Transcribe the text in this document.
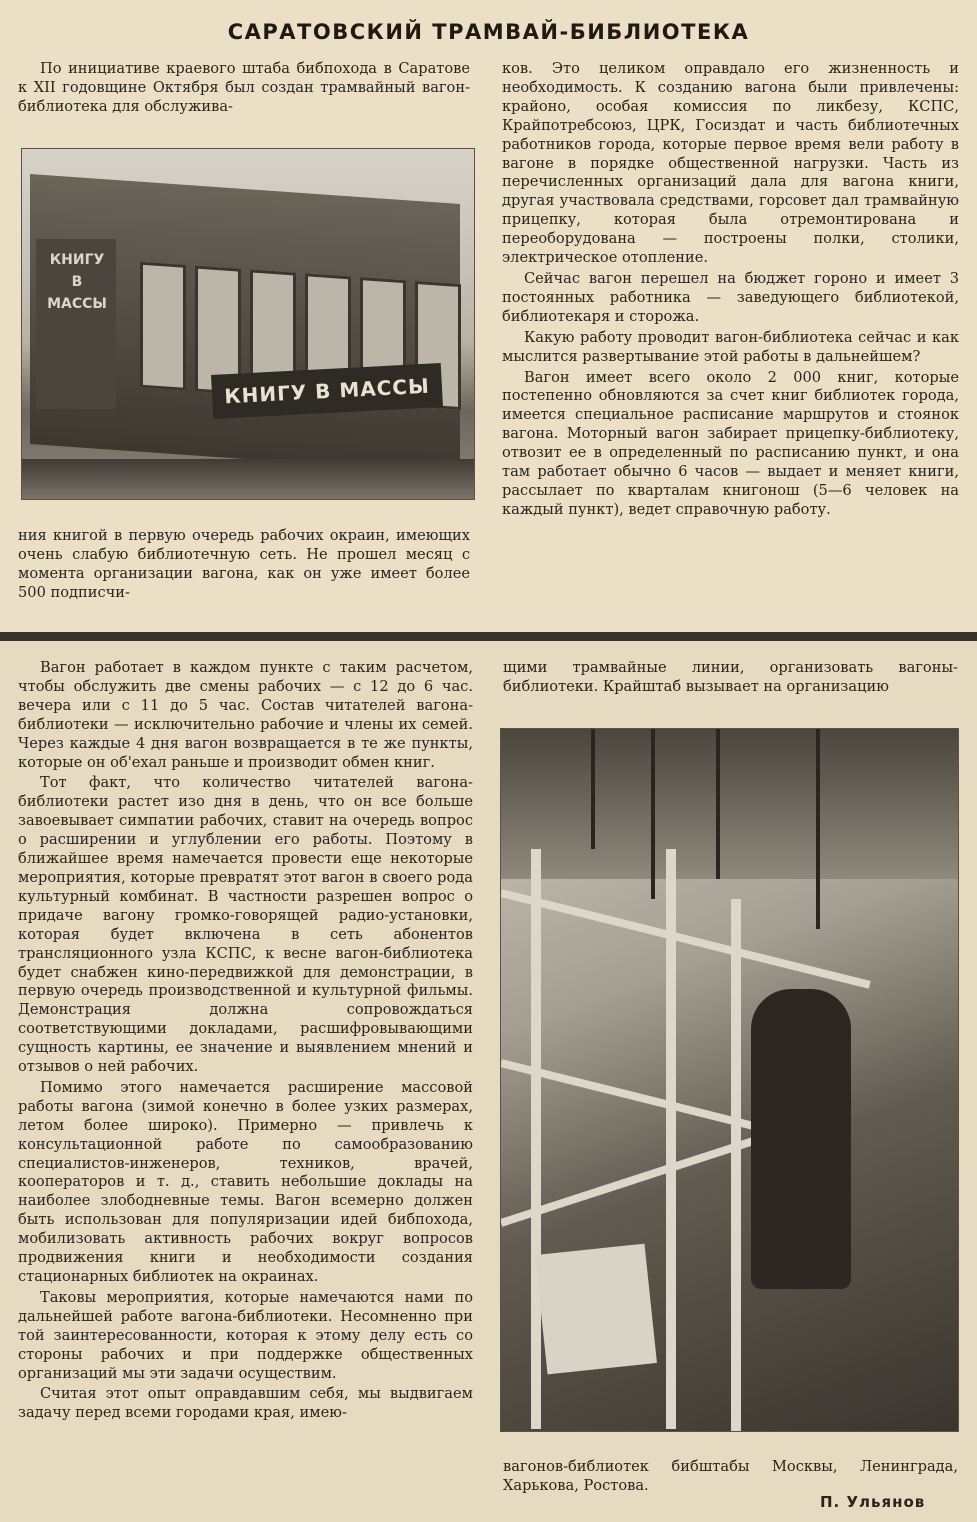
САРАТОВСКИЙ ТРАМВАЙ-БИБЛИОТЕКА

По инициативе краевого штаба бибпохода в Саратове к XII годовщине Октября был создан трамвайный вагон-библиотека для обслужива-

КНИГУ В МАССЫ
КНИГУ В МАССЫ

ния книгой в первую очередь рабочих окраин, имеющих очень слабую библиотечную сеть. Не прошел месяц с момента организации вагона, как он уже имеет более 500 подписчи-

ков. Это целиком оправдало его жизненность и необходимость. К созданию вагона были привлечены: крайоно, особая комиссия по ликбезу, КСПС, Крайпотребсоюз, ЦРК, Госиздат и часть библиотечных работников города, которые первое время вели работу в вагоне в порядке общественной нагрузки. Часть из перечисленных организаций дала для вагона книги, другая участвовала средствами, горсовет дал трамвайную прицепку, которая была отремонтирована и переоборудована — построены полки, столики, электрическое отопление.

Сейчас вагон перешел на бюджет гороно и имеет 3 постоянных работника — заведующего библиотекой, библиотекаря и сторожа.

Какую работу проводит вагон-библиотека сейчас и как мыслится развертывание этой работы в дальнейшем?

Вагон имеет всего около 2 000 книг, которые постепенно обновляются за счет книг библиотек города, имеется специальное расписание маршрутов и стоянок вагона. Моторный вагон забирает прицепку-библиотеку, отвозит ее в определенный по расписанию пункт, и она там работает обычно 6 часов — выдает и меняет книги, рассылает по кварталам книгонош (5—6 человек на каждый пункт), ведет справочную работу.

Вагон работает в каждом пункте с таким расчетом, чтобы обслужить две смены рабочих — с 12 до 6 час. вечера или с 11 до 5 час. Состав читателей вагона-библиотеки — исключительно рабочие и члены их семей. Через каждые 4 дня вагон возвращается в те же пункты, которые он об'ехал раньше и производит обмен книг.

Тот факт, что количество читателей вагона-библиотеки растет изо дня в день, что он все больше завоевывает симпатии рабочих, ставит на очередь вопрос о расширении и углублении его работы. Поэтому в ближайшее время намечается провести еще некоторые мероприятия, которые превратят этот вагон в своего рода культурный комбинат. В частности разрешен вопрос о придаче вагону громко-говорящей радио-установки, которая будет включена в сеть абонентов трансляционного узла КСПС, к весне вагон-библиотека будет снабжен кино-передвижкой для демонстрации, в первую очередь производственной и культурной фильмы. Демонстрация должна сопровождаться соответствующими докладами, расшифровывающими сущность картины, ее значение и выявлением мнений и отзывов о ней рабочих.

Помимо этого намечается расширение массовой работы вагона (зимой конечно в более узких размерах, летом более широко). Примерно — привлечь к консультационной работе по самообразованию специалистов-инженеров, техников, врачей, кооператоров и т. д., ставить небольшие доклады на наиболее злободневные темы. Вагон всемерно должен быть использован для популяризации идей бибпохода, мобилизовать активность рабочих вокруг вопросов продвижения книги и необходимости создания стационарных библиотек на окраинах.

Таковы мероприятия, которые намечаются нами по дальнейшей работе вагона-библиотеки. Несомненно при той заинтересованности, которая к этому делу есть со стороны рабочих и при поддержке общественных организаций мы эти задачи осуществим.

Считая этот опыт оправдавшим себя, мы выдвигаем задачу перед всеми городами края, имею-

щими трамвайные линии, организовать вагоны-библиотеки. Крайштаб вызывает на организацию

вагонов-библиотек бибштабы Москвы, Ленинграда, Харькова, Ростова.

П. Ульянов
